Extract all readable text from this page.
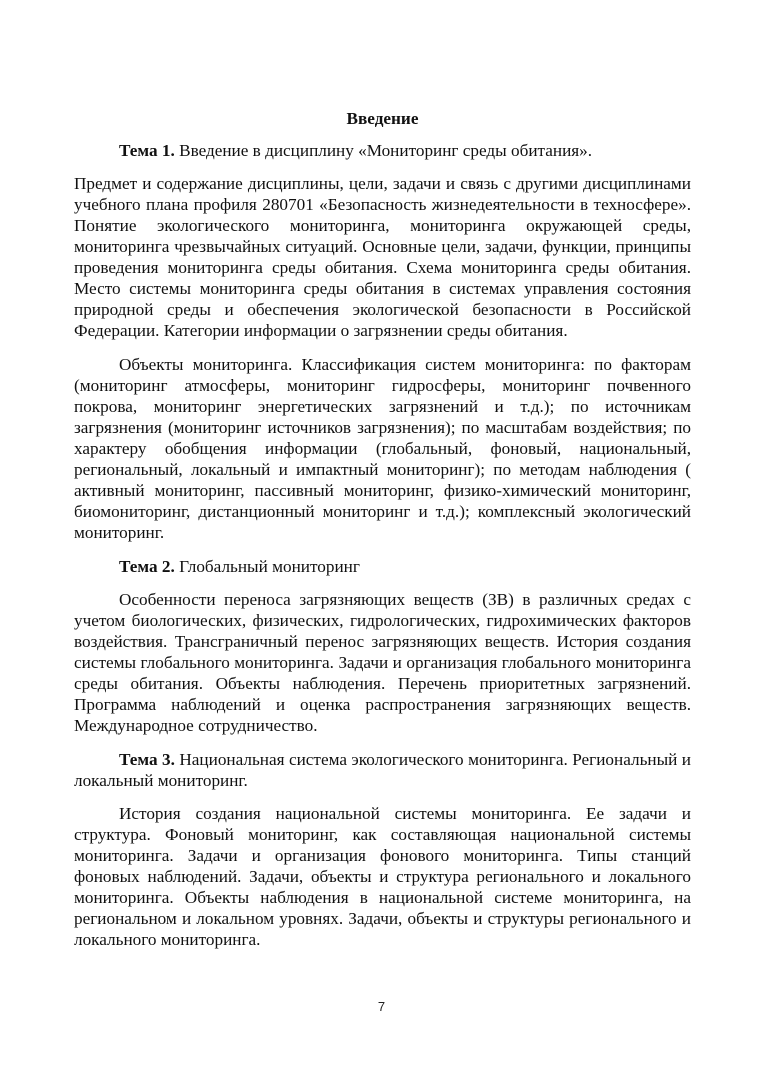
Введение
Тема 1. Введение в дисциплину «Мониторинг среды обитания».

Предмет и содержание дисциплины, цели, задачи и связь с другими дисциплинами учебного плана профиля 280701 «Безопасность жизнедеятельности в техносфере». Понятие экологического мониторинга, мониторинга окружающей среды, мониторинга чрезвычайных ситуаций. Основные цели, задачи, функции, принципы проведения мониторинга среды обитания. Схема мониторинга среды обитания. Место системы мониторинга среды обитания в системах управления состояния природной среды и обеспечения экологической безопасности в Российской Федерации. Категории информации о загрязнении среды обитания.

Объекты мониторинга. Классификация систем мониторинга: по факторам (мониторинг атмосферы, мониторинг гидросферы, мониторинг почвенного покрова, мониторинг энергетических загрязнений и т.д.); по источникам загрязнения (мониторинг источников загрязнения); по масштабам воздействия; по характеру обобщения информации (глобальный, фоновый, национальный, региональный, локальный и импактный мониторинг); по методам наблюдения ( активный мониторинг, пассивный мониторинг, физико-химический мониторинг, биомониторинг, дистанционный мониторинг и т.д.); комплексный экологический мониторинг.

Тема 2. Глобальный мониторинг

Особенности переноса загрязняющих веществ (ЗВ) в различных средах с учетом биологических, физических, гидрологических, гидрохимических факторов воздействия. Трансграничный перенос загрязняющих веществ. История создания системы глобального мониторинга. Задачи и организация глобального мониторинга среды обитания. Объекты наблюдения. Перечень приоритетных загрязнений. Программа наблюдений и оценка распространения загрязняющих веществ. Международное сотрудничество.

Тема 3. Национальная система экологического мониторинга. Региональный и локальный мониторинг.

История создания национальной системы мониторинга. Ее задачи и структура. Фоновый мониторинг, как составляющая национальной системы мониторинга. Задачи и организация фонового мониторинга. Типы станций фоновых наблюдений. Задачи, объекты и структура регионального и локального мониторинга. Объекты наблюдения в национальной системе мониторинга, на региональном и локальном уровнях. Задачи, объекты и структуры регионального и локального мониторинга.

7
